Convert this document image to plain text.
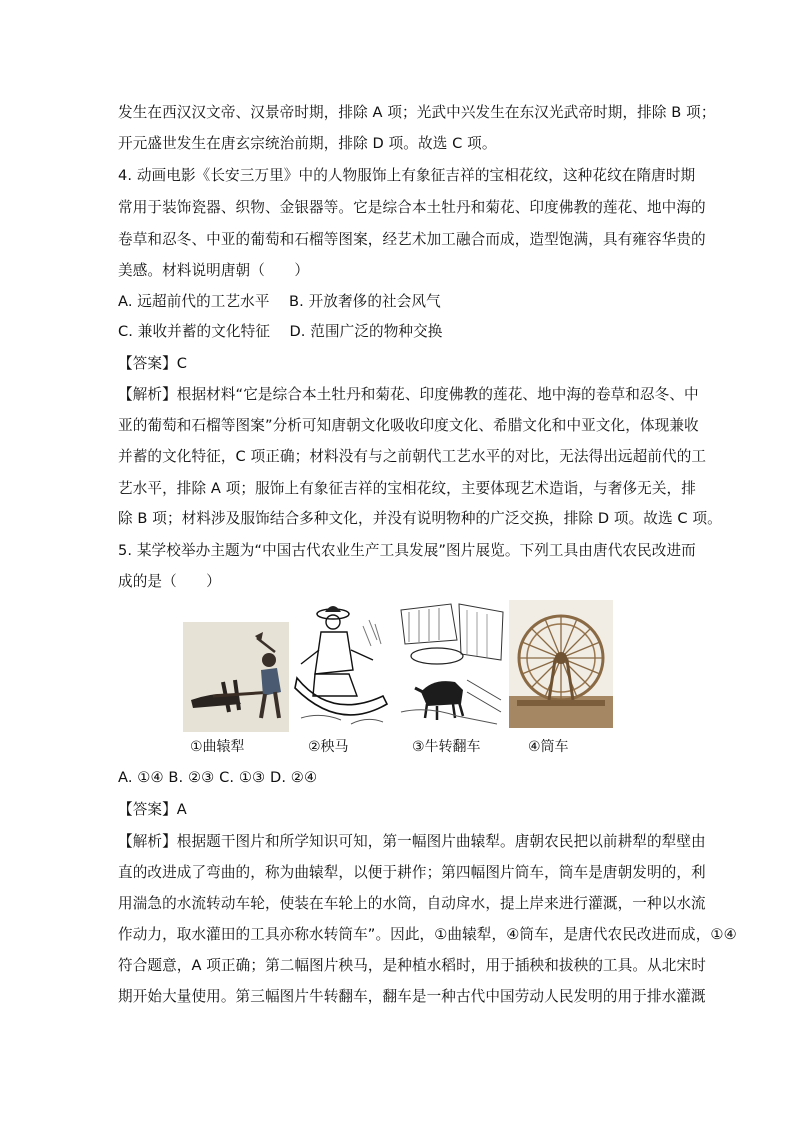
发生在西汉汉文帝、汉景帝时期，排除 A 项；光武中兴发生在东汉光武帝时期，排除 B 项；
开元盛世发生在唐玄宗统治前期，排除 D 项。故选 C 项。
4. 动画电影《长安三万里》中的人物服饰上有象征吉祥的宝相花纹，这种花纹在隋唐时期
常用于装饰瓷器、织物、金银器等。它是综合本土牡丹和菊花、印度佛教的莲花、地中海的
卷草和忍冬、中亚的葡萄和石榴等图案，经艺术加工融合而成，造型饱满，具有雍容华贵的
美感。材料说明唐朝（　　）
A. 远超前代的工艺水平　 B. 开放奢侈的社会风气
C. 兼收并蓄的文化特征　 D. 范围广泛的物种交换
【答案】C
【解析】根据材料“它是综合本土牡丹和菊花、印度佛教的莲花、地中海的卷草和忍冬、中
亚的葡萄和石榴等图案”分析可知唐朝文化吸收印度文化、希腊文化和中亚文化，体现兼收
并蓄的文化特征，C 项正确；材料没有与之前朝代工艺水平的对比，无法得出远超前代的工
艺水平，排除 A 项；服饰上有象征吉祥的宝相花纹，主要体现艺术造诣，与奢侈无关，排
除 B 项；材料涉及服饰结合多种文化，并没有说明物种的广泛交换，排除 D 项。故选 C 项。
5. 某学校举办主题为“中国古代农业生产工具发展”图片展览。下列工具由唐代农民改进而
成的是（　　）
①曲辕犁	②秧马	③牛转翻车	④筒车
A. ①④ B. ②③ C. ①③ D. ②④
【答案】A
【解析】根据题干图片和所学知识可知，第一幅图片曲辕犁。唐朝农民把以前耕犁的犁壁由
直的改进成了弯曲的，称为曲辕犁，以便于耕作；第四幅图片筒车，筒车是唐朝发明的，利
用湍急的水流转动车轮，使装在车轮上的水筒，自动戽水，提上岸来进行灌溉，一种以水流
作动力，取水灌田的工具亦称水转筒车”。因此，①曲辕犁，④筒车，是唐代农民改进而成，①④
符合题意，A 项正确；第二幅图片秧马，是种植水稻时，用于插秧和拔秧的工具。从北宋时
期开始大量使用。第三幅图片牛转翻车，翻车是一种古代中国劳动人民发明的用于排水灌溉
